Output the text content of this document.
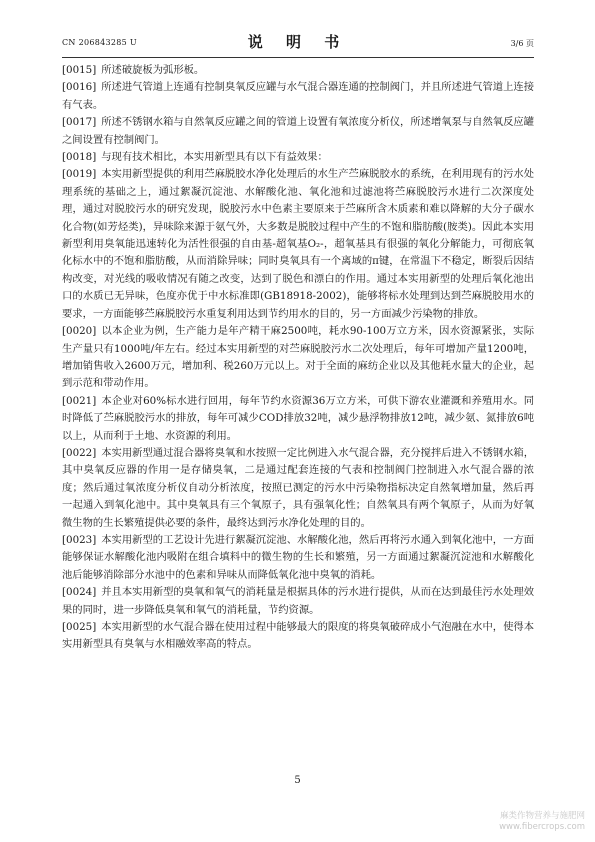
CN 206843285 U	说 明 书	3/6 页

[0015] 所述破旋板为弧形板。

[0016] 所述进气管道上连通有控制臭氧反应罐与水气混合器连通的控制阀门，并且所述进气管道上连接有气表。

[0017] 所述不锈钢水箱与自然氧反应罐之间的管道上设置有氧浓度分析仪，所述增氧泵与自然氧反应罐之间设置有控制阀门。

[0018] 与现有技术相比，本实用新型具有以下有益效果：

[0019] 本实用新型提供的利用苎麻脱胶水净化处理后的水生产苎麻脱胶水的系统，在利用现有的污水处理系统的基础之上，通过絮凝沉淀池、水解酸化池、氧化池和过滤池将苎麻脱胶污水进行二次深度处理，通过对脱胶污水的研究发现，脱胶污水中色素主要原来于苎麻所含木质素和难以降解的大分子碳水化合物(如芳烃类)，异味除来源于氨气外，大多数是脱胶过程中产生的不饱和脂肪酸(胺类)。因此本实用新型利用臭氧能迅速转化为活性很强的自由基-超氧基O₂-，超氧基具有很强的氧化分解能力，可彻底氧化标水中的不饱和脂肪酸，从而消除异味；同时臭氧具有一个离域的π键，在常温下不稳定，断裂后因结构改变，对光线的吸收情况有随之改变，达到了脱色和漂白的作用。通过本实用新型的处理后氧化池出口的水质已无异味，色度亦优于中水标准即(GB18918-2002)，能够将标水处理到达到苎麻脱胶用水的要求，一方面能够苎麻脱胶污水重复利用达到节约用水的目的，另一方面减少污染物的排放。

[0020] 以本企业为例，生产能力是年产精干麻2500吨，耗水90-100万立方米，因水资源紧张，实际生产量只有1000吨/年左右。经过本实用新型的对苎麻脱胶污水二次处理后，每年可增加产量1200吨，增加销售收入2600万元，增加利、税260万元以上。对于全面的麻纺企业以及其他耗水量大的企业，起到示范和带动作用。

[0021] 本企业对60%标水进行回用，每年节约水资源36万立方米，可供下游农业灌溉和养殖用水。同时降低了苎麻脱胶污水的排放，每年可减少COD排放32吨，减少悬浮物排放12吨，减少氨、氮排放6吨以上，从而利于土地、水资源的利用。

[0022] 本实用新型通过混合器将臭氧和水按照一定比例进入水气混合器，充分搅拌后进入不锈钢水箱，其中臭氧反应器的作用一是存储臭氧，二是通过配套连接的气表和控制阀门控制进入水气混合器的浓度；然后通过氧浓度分析仪自动分析浓度，按照已测定的污水中污染物指标决定自然氧增加量，然后再一起通入到氧化池中。其中臭氧具有三个氧原子，具有强氧化性；自然氧具有两个氧原子，从而为好氧微生物的生长繁殖提供必要的条件，最终达到污水净化处理的目的。

[0023] 本实用新型的工艺设计先进行絮凝沉淀池、水解酸化池，然后再将污水通入到氧化池中，一方面能够保证水解酸化池内吸附在组合填料中的微生物的生长和繁殖，另一方面通过絮凝沉淀池和水解酸化池后能够消除部分水池中的色素和异味从而降低氧化池中臭氧的消耗。

[0024] 并且本实用新型的臭氧和氧气的消耗量是根据具体的污水进行提供，从而在达到最佳污水处理效果的同时，进一步降低臭氧和氧气的消耗量，节约资源。

[0025] 本实用新型的水气混合器在使用过程中能够最大的限度的将臭氧破碎成小气泡融在水中，使得本实用新型具有臭氧与水相融效率高的特点。

5
麻类作物营养与施肥网
www.fibercrops.com
